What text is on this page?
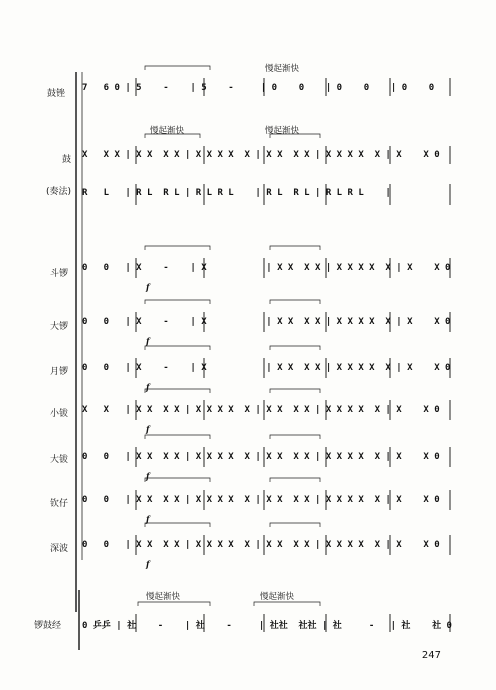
慢起渐快
慢起渐快	慢起渐快
慢起渐快	慢起渐快
鼓锉
鼓
(奏法)
斗锣
大锣
月锣
小钹
大钹
钦仔
深波
锣鼓经
7   6 0 | 5    -    | 5    -     | 0    0    | 0    0    | 0    0
X   X X | X X  X X | X X X X  X | X X  X X | X X X X  X | X    X 0
R   L   | R L  R L | R L R L    | R L  R L | R L R L    |
0   0   | X    -    | X           | X X  X X | X X X X  X | X    X 0
0   0   | X    -    | X           | X X  X X | X X X X  X | X    X 0
0   0   | X    -    | X           | X X  X X | X X X X  X | X    X 0
X   X   | X X  X X | X X X X  X | X X  X X | X X X X  X | X    X 0
0   0   | X X  X X | X X X X  X | X X  X X | X X X X  X | X    X 0
0   0   | X X  X X | X X X X  X | X X  X X | X X X X  X | X    X 0
0   0   | X X  X X | X X X X  X | X X  X X | X X X X  X | X    X 0
0 乒乒 | 社    -    | 社    -     | 社社  社社 | 社     -   | 社    社 0
f
f
f
f
f
f
f
247
